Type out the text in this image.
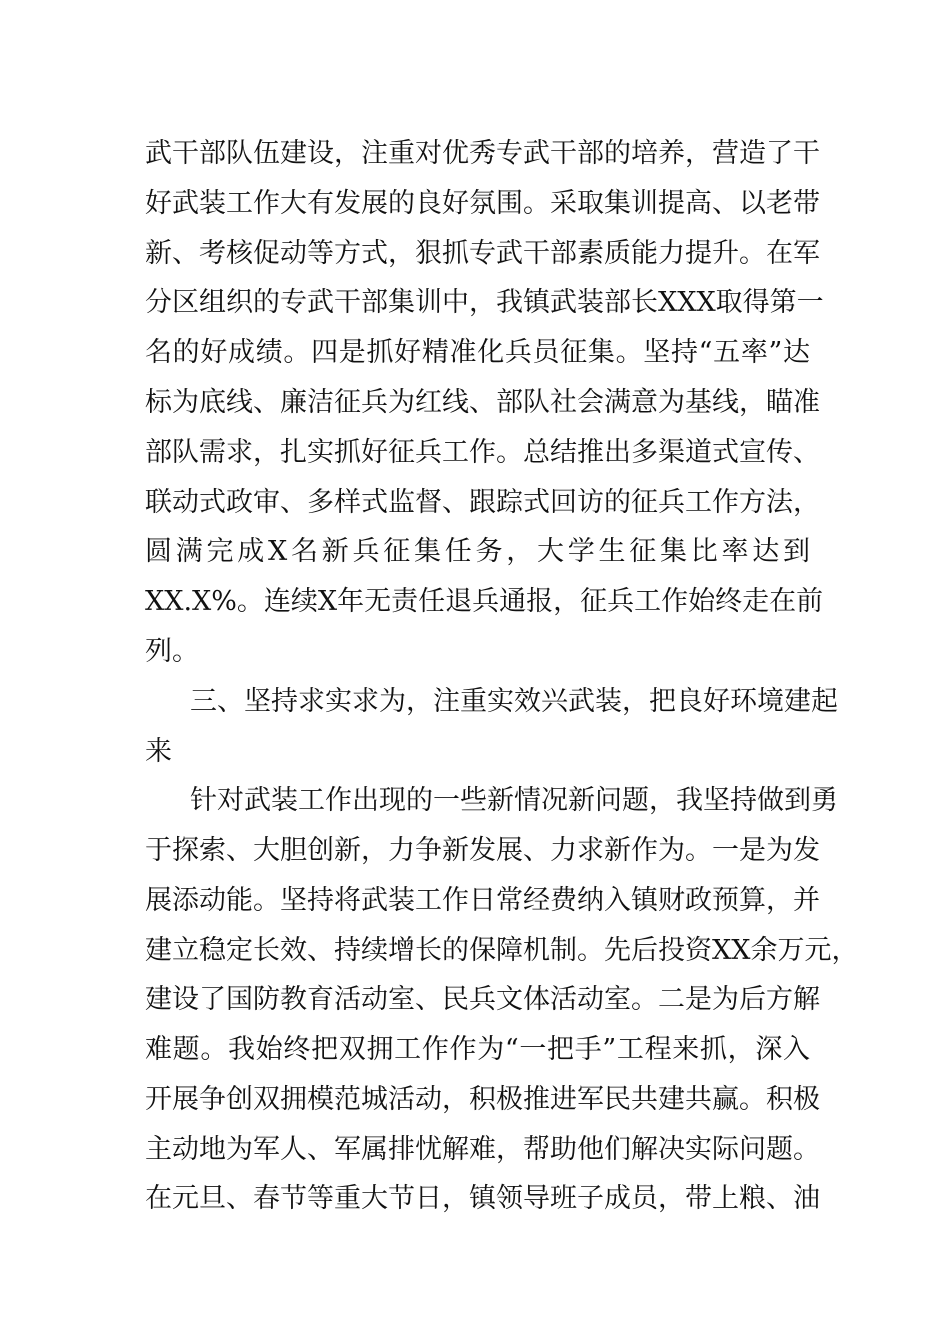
武干部队伍建设，注重对优秀专武干部的培养，营造了干
好武装工作大有发展的良好氛围。采取集训提高、以老带
新、考核促动等方式，狠抓专武干部素质能力提升。在军
分区组织的专武干部集训中，我镇武装部长XXX取得第一
名的好成绩。四是抓好精准化兵员征集。坚持“五率”达
标为底线、廉洁征兵为红线、部队社会满意为基线，瞄准
部队需求，扎实抓好征兵工作。总结推出多渠道式宣传、
联动式政审、多样式监督、跟踪式回访的征兵工作方法，
圆满完成X名新兵征集任务，大学生征集比率达到
XX.X%。连续X年无责任退兵通报，征兵工作始终走在前
列。
三、坚持求实求为，注重实效兴武装，把良好环境建起
来
针对武装工作出现的一些新情况新问题，我坚持做到勇
于探索、大胆创新，力争新发展、力求新作为。一是为发
展添动能。坚持将武装工作日常经费纳入镇财政预算，并
建立稳定长效、持续增长的保障机制。先后投资XX余万元，
建设了国防教育活动室、民兵文体活动室。二是为后方解
难题。我始终把双拥工作作为“一把手”工程来抓，深入
开展争创双拥模范城活动，积极推进军民共建共赢。积极
主动地为军人、军属排忧解难，帮助他们解决实际问题。
在元旦、春节等重大节日，镇领导班子成员，带上粮、油
